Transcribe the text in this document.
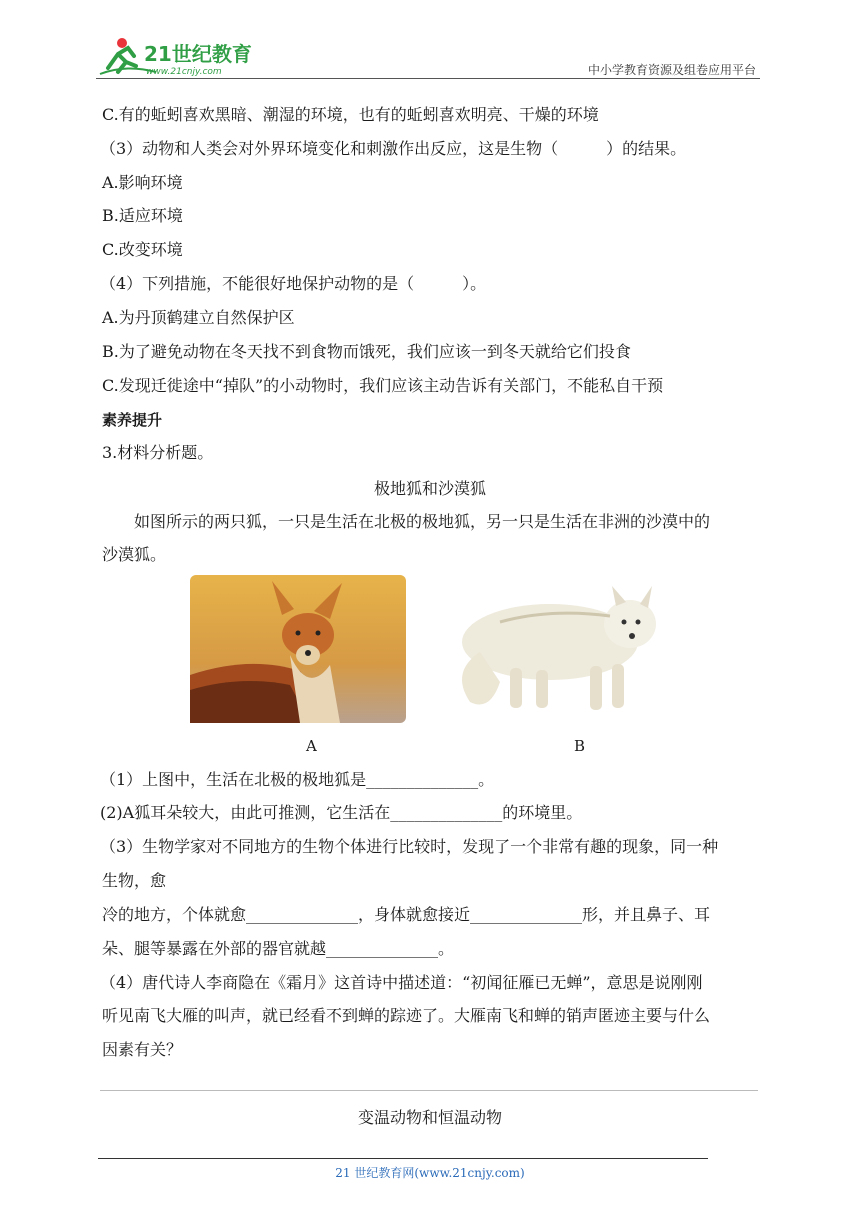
21世纪教育
www.21cnjy.com	中小学教育资源及组卷应用平台
C.有的蚯蚓喜欢黑暗、潮湿的环境，也有的蚯蚓喜欢明亮、干燥的环境
（3）动物和人类会对外界环境变化和刺激作出反应，这是生物（　　　）的结果。
A.影响环境
B.适应环境
C.改变环境
（4）下列措施，不能很好地保护动物的是（　　　）。
A.为丹顶鹤建立自然保护区
B.为了避免动物在冬天找不到食物而饿死，我们应该一到冬天就给它们投食
C.发现迁徙途中“掉队”的小动物时，我们应该主动告诉有关部门，不能私自干预
素养提升
3.材料分析题。
极地狐和沙漠狐
如图所示的两只狐，一只是生活在北极的极地狐，另一只是生活在非洲的沙漠中的
沙漠狐。
A	B
（1）上图中，生活在北极的极地狐是______________。
(2)A狐耳朵较大，由此可推测，它生活在______________的环境里。
（3）生物学家对不同地方的生物个体进行比较时，发现了一个非常有趣的现象，同一种
生物，愈
冷的地方，个体就愈______________，身体就愈接近______________形，并且鼻子、耳
朵、腿等暴露在外部的器官就越______________。
（4）唐代诗人李商隐在《霜月》这首诗中描述道：“初闻征雁已无蝉”，意思是说刚刚
听见南飞大雁的叫声，就已经看不到蝉的踪迹了。大雁南飞和蝉的销声匿迹主要与什么
因素有关？
变温动物和恒温动物
21 世纪教育网(www.21cnjy.com)
